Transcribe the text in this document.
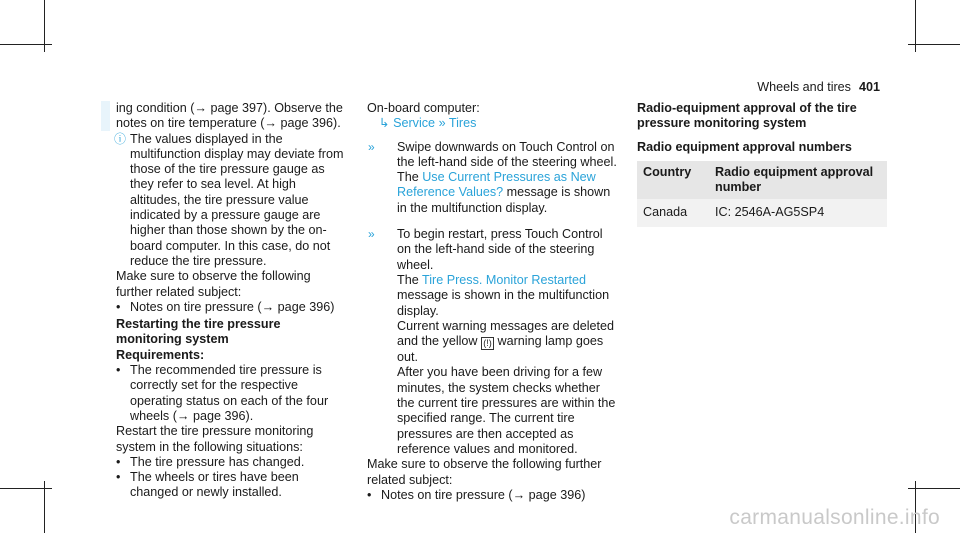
Wheels and tires 401

ing condition (→ page 397). Observe the notes on tire temperature (→ page 396).

ⓘ The values displayed in the multifunction display may deviate from those of the tire pressure gauge as they refer to sea level. At high altitudes, the tire pressure value indicated by a pressure gauge are higher than those shown by the on-board computer. In this case, do not reduce the tire pressure.

Make sure to observe the following further related subject:

• Notes on tire pressure (→ page 396)

Restarting the tire pressure monitoring system

Requirements:

• The recommended tire pressure is correctly set for the respective operating status on each of the four wheels (→ page 396).

Restart the tire pressure monitoring system in the following situations:

• The tire pressure has changed.
• The wheels or tires have been changed or newly installed.

On-board computer:

↳ Service » Tires

» Swipe downwards on Touch Control on the left-hand side of the steering wheel.

The Use Current Pressures as New Reference Values? message is shown in the multifunction display.

» To begin restart, press Touch Control on the left-hand side of the steering wheel.

The Tire Press. Monitor Restarted message is shown in the multifunction display.

Current warning messages are deleted and the yellow (!) warning lamp goes out.

After you have been driving for a few minutes, the system checks whether the current tire pressures are within the specified range. The current tire pressures are then accepted as reference values and monitored.

Make sure to observe the following further related subject:

• Notes on tire pressure (→ page 396)

Radio-equipment approval of the tire pressure monitoring system

Radio equipment approval numbers

Country	Radio equipment approval number
Canada	IC: 2546A-AG5SP4
carmanualsonline.info
